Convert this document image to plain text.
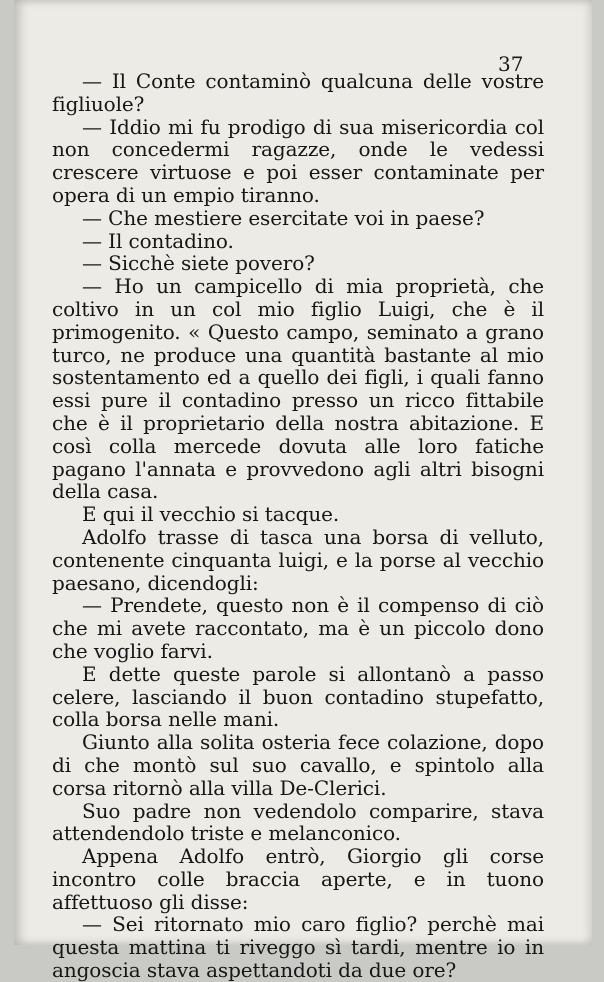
37

— Il Conte contaminò qualcuna delle vostre figliuole?

— Iddio mi fu prodigo di sua misericordia col non concedermi ragazze, onde le vedessi crescere virtuose e poi esser contaminate per opera di un empio tiranno.

— Che mestiere esercitate voi in paese?

— Il contadino.

— Sicchè siete povero?

— Ho un campicello di mia proprietà, che coltivo in un col mio figlio Luigi, che è il primogenito. « Questo campo, seminato a grano turco, ne produce una quantità bastante al mio sostentamento ed a quello dei figli, i quali fanno essi pure il contadino presso un ricco fittabile che è il proprietario della nostra abitazione. E così colla mercede dovuta alle loro fatiche pagano l'annata e provvedono agli altri bisogni della casa.

E qui il vecchio si tacque.

Adolfo trasse di tasca una borsa di velluto, contenente cinquanta luigi, e la porse al vecchio paesano, dicendogli:

— Prendete, questo non è il compenso di ciò che mi avete raccontato, ma è un piccolo dono che voglio farvi.

E dette queste parole si allontanò a passo celere, lasciando il buon contadino stupefatto, colla borsa nelle mani.

Giunto alla solita osteria fece colazione, dopo di che montò sul suo cavallo, e spintolo alla corsa ritornò alla villa De-Clerici.

Suo padre non vedendolo comparire, stava attendendolo triste e melanconico.

Appena Adolfo entrò, Giorgio gli corse incontro colle braccia aperte, e in tuono affettuoso gli disse:

— Sei ritornato mio caro figlio? perchè mai questa mattina ti riveggo sì tardi, mentre io in angoscia stava aspettandoti da due ore?
